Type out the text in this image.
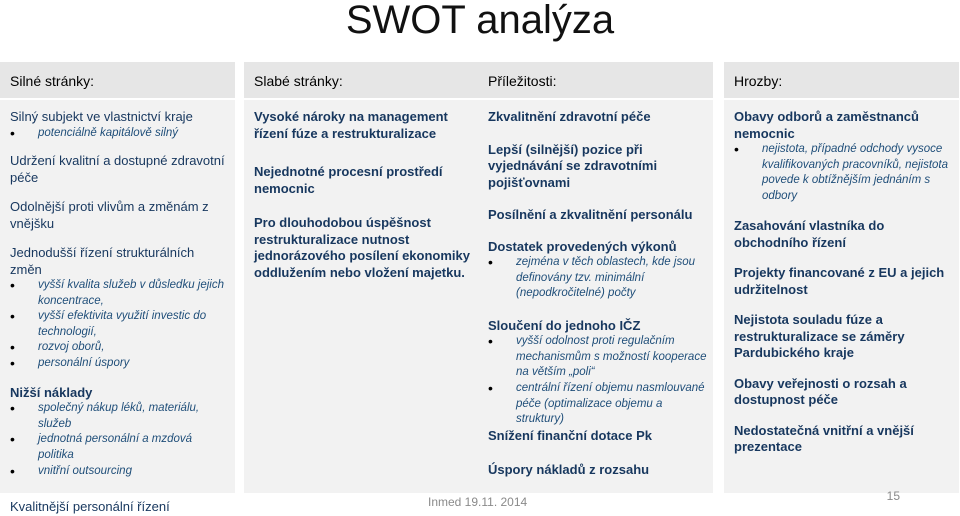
SWOT analýza
Silné stránky:	Slabé stránky:	Příležitosti:	Hrozby:
Silný subjekt ve vlastnictví kraje
• potenciálně kapitálově silný
Udržení kvalitní a dostupné zdravotní péče
Odolnější proti vlivům a změnám z vnějšku
Jednodušší řízení strukturálních změn
• vyšší kvalita služeb v důsledku jejich koncentrace,
• vyšší efektivita využití investic do technologií,
• rozvoj oborů,
• personální úspory
Nižší náklady
• společný nákup léků, materiálu, služeb
• jednotná personální a mzdová politika
• vnitřní outsourcing
Kvalitnější personální řízení
Vysoké nároky na management řízení fúze a restrukturalizace
Nejednotné procesní prostředí nemocnic
Pro dlouhodobou úspěšnost restrukturalizace nutnost jednorázového posílení ekonomiky oddlužením nebo vložení majetku.
Zkvalitnění zdravotní péče
Lepší (silnější) pozice při vyjednávání se zdravotními pojišťovnami
Posílnění a zkvalitnění personálu
Dostatek provedených výkonů
• zejména v těch oblastech, kde jsou definovány tzv. minimální (nepodkročitelné) počty
Sloučení do jednoho IČZ
• vyšší odolnost proti regulačním mechanismům s možností kooperace na větším „poli“
• centrální řízení objemu nasmlouvané péče (optimalizace objemu a struktury)
Snížení finanční dotace Pk
Úspory nákladů z rozsahu
Obavy odborů a zaměstnanců nemocnic
• nejistota, případné odchody vysoce kvalifikovaných pracovníků, nejistota povede k obtížnějším jednáním s odbory
Zasahování vlastníka do obchodního řízení
Projekty financované z EU a jejich udržitelnost
Nejistota souladu fúze a restrukturalizace se záměry Pardubického kraje
Obavy veřejnosti o rozsah a dostupnost péče
Nedostatečná vnitřní a vnější prezentace
Inmed 19.11. 2014	15
